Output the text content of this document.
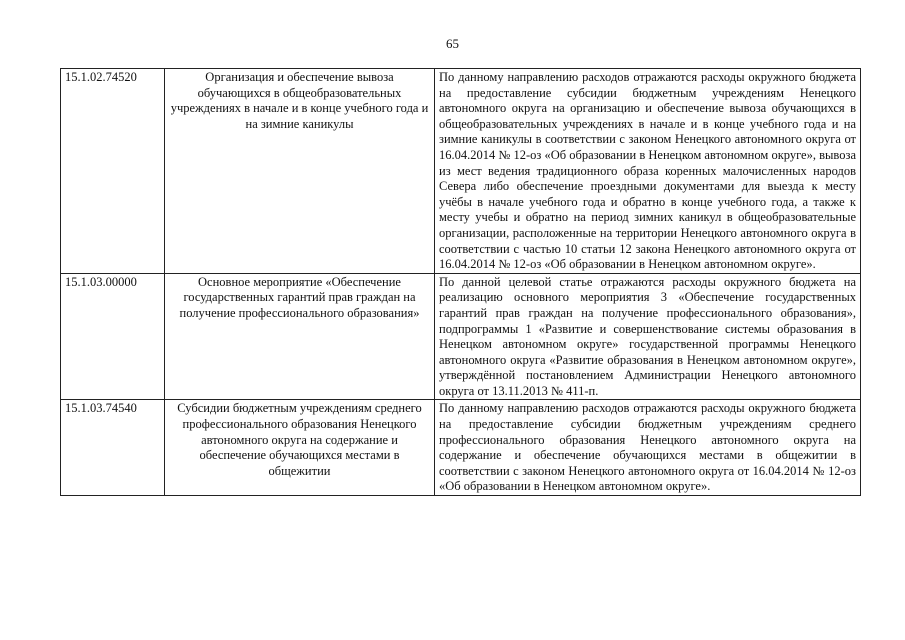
65
15.1.02.74520	Организация и обеспечение вывоза обучающихся в общеобразовательных учреждениях в начале и в конце учебного года и на зимние каникулы	По данному направлению расходов отражаются расходы окружного бюджета на предоставление субсидии бюджетным учреждениям Ненецкого автономного округа на организацию и обеспечение вывоза обучающихся в общеобразовательных учреждениях в начале и в конце учебного года и на зимние каникулы в соответствии с законом Ненецкого автономного округа от 16.04.2014 № 12-оз «Об образовании в Ненецком автономном округе», вывоза из мест ведения традиционного образа коренных малочисленных народов Севера либо обеспечение проездными документами для выезда к месту учёбы в начале учебного года и обратно в конце учебного года, а также к месту учебы и обратно на период зимних каникул в общеобразовательные организации, расположенные на территории Ненецкого автономного округа в соответствии с частью 10 статьи 12 закона Ненецкого автономного округа от 16.04.2014 № 12-оз «Об образовании в Ненецком автономном округе».
15.1.03.00000	Основное мероприятие «Обеспечение государственных гарантий прав граждан на получение профессионального образования»	По данной целевой статье отражаются расходы окружного бюджета на реализацию основного мероприятия 3 «Обеспечение государственных гарантий прав граждан на получение профессионального образования», подпрограммы 1 «Развитие и совершенствование системы образования в Ненецком автономном округе» государственной программы Ненецкого автономного округа «Развитие образования в Ненецком автономном округе», утверждённой постановлением Администрации Ненецкого автономного округа от 13.11.2013 № 411-п.
15.1.03.74540	Субсидии бюджетным учреждениям среднего профессионального образования Ненецкого автономного округа на содержание и обеспечение обучающихся местами в общежитии	По данному направлению расходов отражаются расходы окружного бюджета на предоставление субсидии бюджетным учреждениям среднего профессионального образования Ненецкого автономного округа на содержание и обеспечение обучающихся местами в общежитии в соответствии с законом Ненецкого автономного округа от 16.04.2014 № 12-оз «Об образовании в Ненецком автономном округе».
